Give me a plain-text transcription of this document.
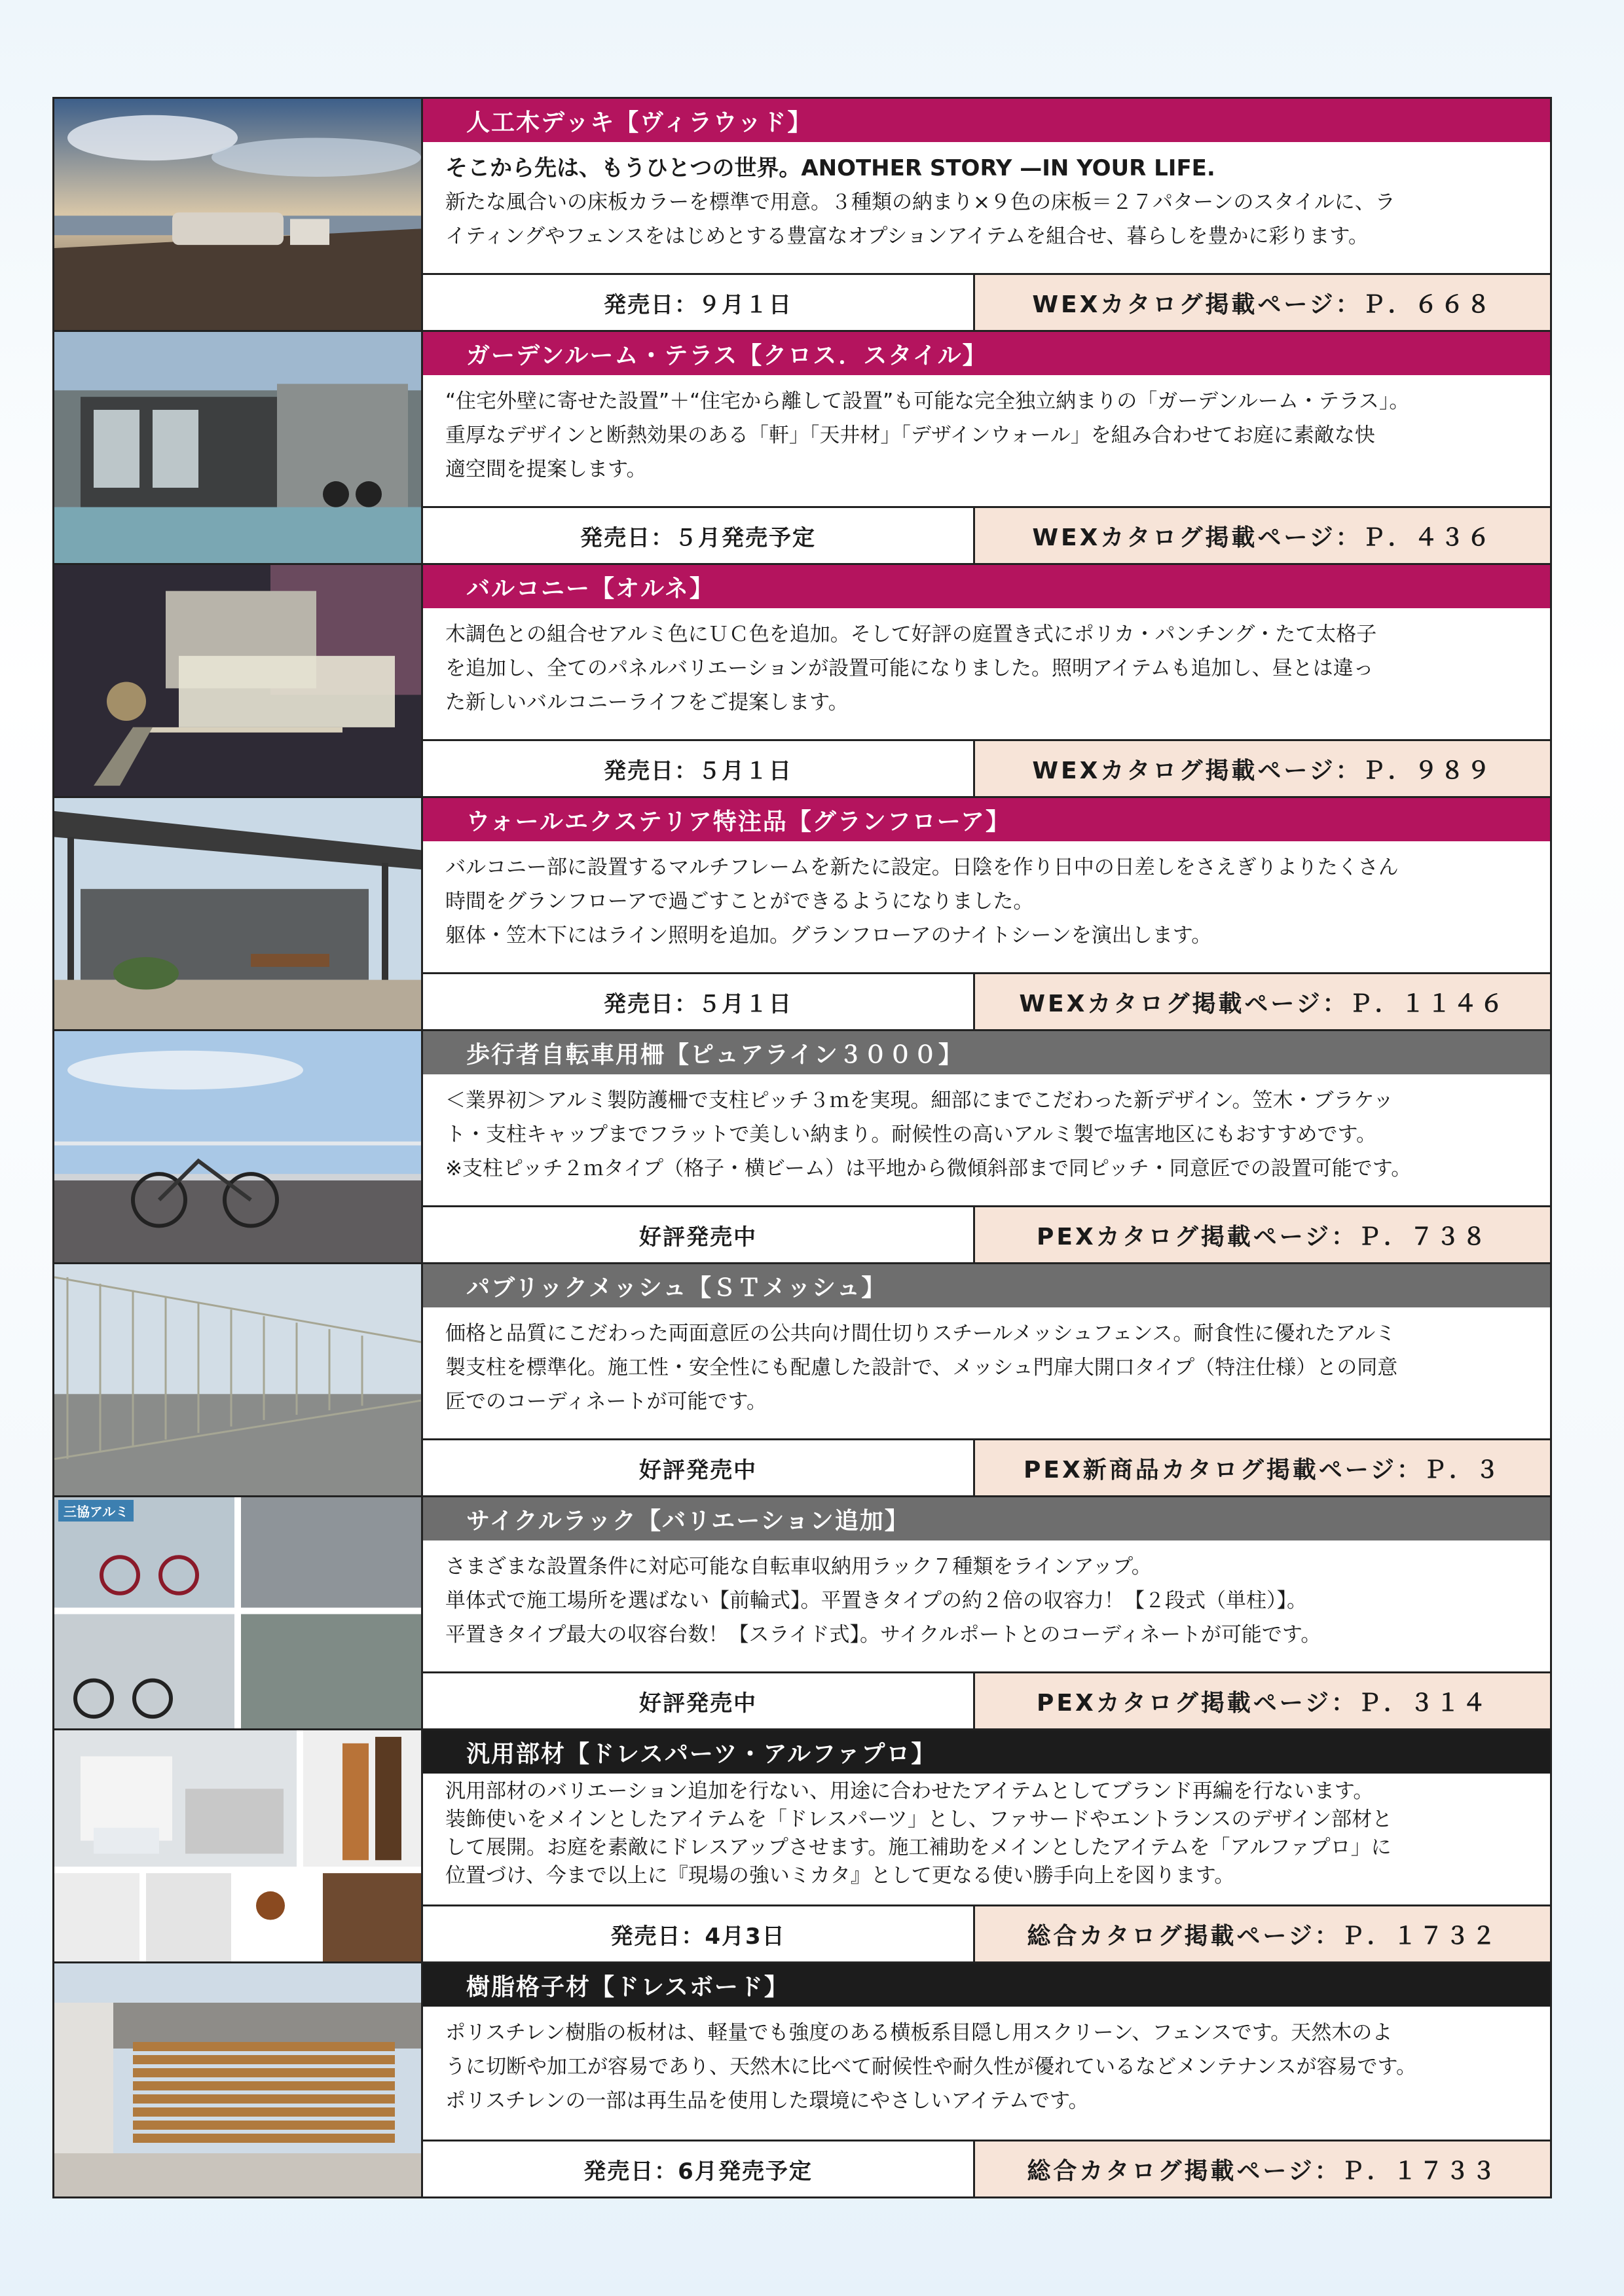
人工木デッキ【ヴィラウッド】
そこから先は、もうひとつの世界。ANOTHER STORY —IN YOUR LIFE.

新たな風合いの床板カラーを標準で用意。３種類の納まり×９色の床板＝２７パターンのスタイルに、ラ

イティングやフェンスをはじめとする豊富なオプションアイテムを組合せ、暮らしを豊かに彩ります。

発売日：９月１日	WEXカタログ掲載ページ：Ｐ．６６８
ガーデンルーム・テラス【クロス．スタイル】

“住宅外壁に寄せた設置”＋“住宅から離して設置”も可能な完全独立納まりの「ガーデンルーム・テラス」。

重厚なデザインと断熱効果のある「軒」「天井材」「デザインウォール」を組み合わせてお庭に素敵な快

適空間を提案します。

発売日：５月発売予定	WEXカタログ掲載ページ：Ｐ．４３６
バルコニー【オルネ】

木調色との組合せアルミ色にＵＣ色を追加。そして好評の庭置き式にポリカ・パンチング・たて太格子

を追加し、全てのパネルバリエーションが設置可能になりました。照明アイテムも追加し、昼とは違っ

た新しいバルコニーライフをご提案します。

発売日：５月１日	WEXカタログ掲載ページ：Ｐ．９８９
ウォールエクステリア特注品【グランフローア】

バルコニー部に設置するマルチフレームを新たに設定。日陰を作り日中の日差しをさえぎりよりたくさん

時間をグランフローアで過ごすことができるようになりました。

躯体・笠木下にはライン照明を追加。グランフローアのナイトシーンを演出します。

発売日：５月１日	WEXカタログ掲載ページ：Ｐ．１１４６
歩行者自転車用柵【ピュアライン３０００】

＜業界初＞アルミ製防護柵で支柱ピッチ３ｍを実現。細部にまでこだわった新デザイン。笠木・ブラケッ

ト・支柱キャップまでフラットで美しい納まり。耐候性の高いアルミ製で塩害地区にもおすすめです。

※支柱ピッチ２ｍタイプ（格子・横ビーム）は平地から微傾斜部まで同ピッチ・同意匠での設置可能です。

好評発売中	PEXカタログ掲載ページ：Ｐ．７３８
パブリックメッシュ【ＳＴメッシュ】

価格と品質にこだわった両面意匠の公共向け間仕切りスチールメッシュフェンス。耐食性に優れたアルミ

製支柱を標準化。施工性・安全性にも配慮した設計で、メッシュ門扉大開口タイプ（特注仕様）との同意

匠でのコーディネートが可能です。

好評発売中	PEX新商品カタログ掲載ページ：Ｐ．３
三協アルミ	サイクルラック【バリエーション追加】

さまざまな設置条件に対応可能な自転車収納用ラック７種類をラインアップ。

単体式で施工場所を選ばない【前輪式】。平置きタイプの約２倍の収容力！【２段式（単柱）】。

平置きタイプ最大の収容台数！【スライド式】。サイクルポートとのコーディネートが可能です。

好評発売中	PEXカタログ掲載ページ：Ｐ．３１４
汎用部材【ドレスパーツ・アルファプロ】

汎用部材のバリエーション追加を行ない、用途に合わせたアイテムとしてブランド再編を行ないます。

装飾使いをメインとしたアイテムを「ドレスパーツ」とし、ファサードやエントランスのデザイン部材と

して展開。お庭を素敵にドレスアップさせます。施工補助をメインとしたアイテムを「アルファプロ」に

位置づけ、今まで以上に『現場の強いミカタ』として更なる使い勝手向上を図ります。

発売日：4月3日	総合カタログ掲載ページ：Ｐ．１７３２
樹脂格子材【ドレスボード】

ポリスチレン樹脂の板材は、軽量でも強度のある横板系目隠し用スクリーン、フェンスです。天然木のよ

うに切断や加工が容易であり、天然木に比べて耐候性や耐久性が優れているなどメンテナンスが容易です。

ポリスチレンの一部は再生品を使用した環境にやさしいアイテムです。

発売日：6月発売予定	総合カタログ掲載ページ：Ｐ．１７３３
